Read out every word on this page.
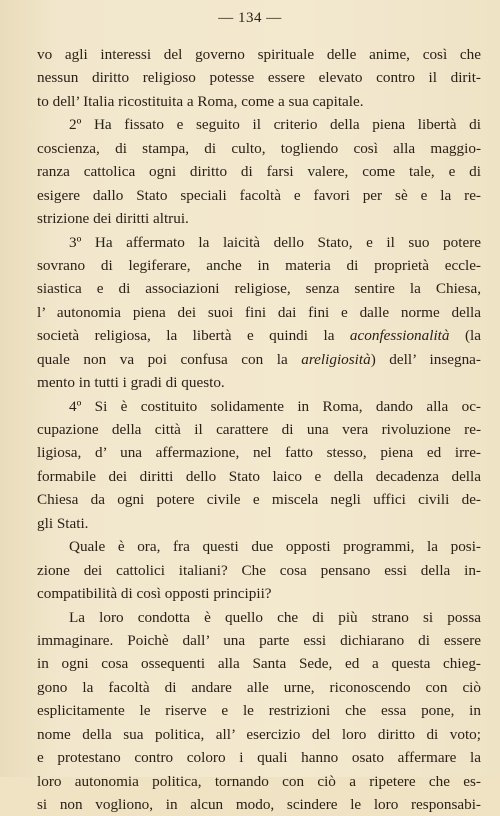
— 134 —
vo agli interessi del governo spirituale delle anime, così che
nessun diritto religioso potesse essere elevato contro il dirit-
to dell’ Italia ricostituita a Roma, come a sua capitale.
2º Ha fissato e seguito il criterio della piena libertà di
coscienza, di stampa, di culto, togliendo così alla maggio-
ranza cattolica ogni diritto di farsi valere, come tale, e di
esigere dallo Stato speciali facoltà e favori per sè e la re-
strizione dei diritti altrui.
3º Ha affermato la laicità dello Stato, e il suo potere
sovrano di legiferare, anche in materia di proprietà eccle-
siastica e di associazioni religiose, senza sentire la Chiesa,
l’ autonomia piena dei suoi fini dai fini e dalle norme della
società religiosa, la libertà e quindi la aconfessionalità (la
quale non va poi confusa con la areligiosità) dell’ insegna-
mento in tutti i gradi di questo.
4º Si è costituito solidamente in Roma, dando alla oc-
cupazione della città il carattere di una vera rivoluzione re-
ligiosa, d’ una affermazione, nel fatto stesso, piena ed irre-
formabile dei diritti dello Stato laico e della decadenza della
Chiesa da ogni potere civile e miscela negli uffici civili de-
gli Stati.
Quale è ora, fra questi due opposti programmi, la posi-
zione dei cattolici italiani? Che cosa pensano essi della in-
compatibilità di così opposti principii?
La loro condotta è quello che di più strano si possa
immaginare. Poichè dall’ una parte essi dichiarano di essere
in ogni cosa ossequenti alla Santa Sede, ed a questa chieg-
gono la facoltà di andare alle urne, riconoscendo con ciò
esplicitamente le riserve e le restrizioni che essa pone, in
nome della sua politica, all’ esercizio del loro diritto di voto;
e protestano contro coloro i quali hanno osato affermare la
loro autonomia politica, tornando con ciò a ripetere che es-
si non vogliono, in alcun modo, scindere le loro responsabi-
